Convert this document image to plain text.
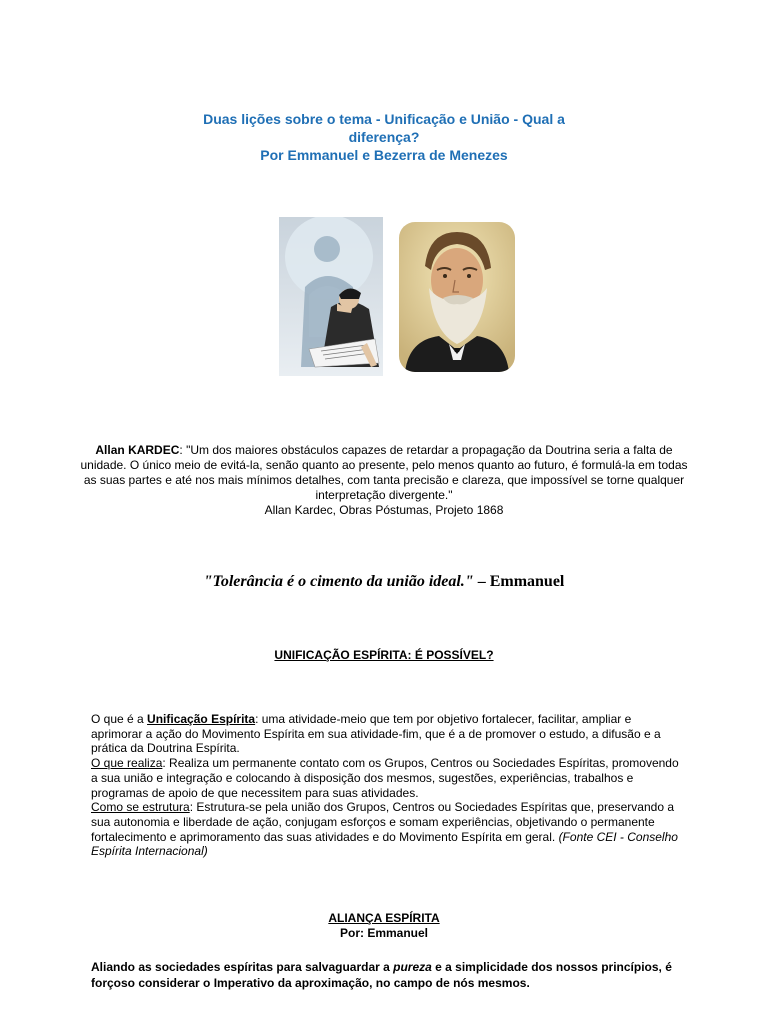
Duas lições sobre o tema - Unificação e União - Qual a
diferença?
Por Emmanuel e Bezerra de Menezes
Allan KARDEC: "Um dos maiores obstáculos capazes de retardar a propagação da Doutrina seria a falta de unidade. O único meio de evitá-la, senão quanto ao presente, pelo menos quanto ao futuro, é formulá-la em todas as suas partes e até nos mais mínimos detalhes, com tanta precisão e clareza, que impossível se torne qualquer interpretação divergente."
Allan Kardec, Obras Póstumas, Projeto 1868
"Tolerância é o cimento da união ideal." – Emmanuel
UNIFICAÇÃO ESPÍRITA: É POSSÍVEL?
O que é a Unificação Espírita: uma atividade-meio que tem por objetivo fortalecer, facilitar, ampliar e aprimorar a ação do Movimento Espírita em sua atividade-fim, que é a de promover o estudo, a difusão e a prática da Doutrina Espírita.
O que realiza: Realiza um permanente contato com os Grupos, Centros ou Sociedades Espíritas, promovendo a sua união e integração e colocando à disposição dos mesmos, sugestões, experiências, trabalhos e programas de apoio de que necessitem para suas atividades.
Como se estrutura: Estrutura-se pela união dos Grupos, Centros ou Sociedades Espíritas que, preservando a sua autonomia e liberdade de ação, conjugam esforços e somam experiências, objetivando o permanente fortalecimento e aprimoramento das suas atividades e do Movimento Espírita em geral. (Fonte CEI - Conselho Espírita Internacional)
ALIANÇA ESPÍRITA
Por: Emmanuel
Aliando as sociedades espíritas para salvaguardar a pureza e a simplicidade dos nossos princípios, é forçoso considerar o Imperativo da aproximação, no campo de nós mesmos.
